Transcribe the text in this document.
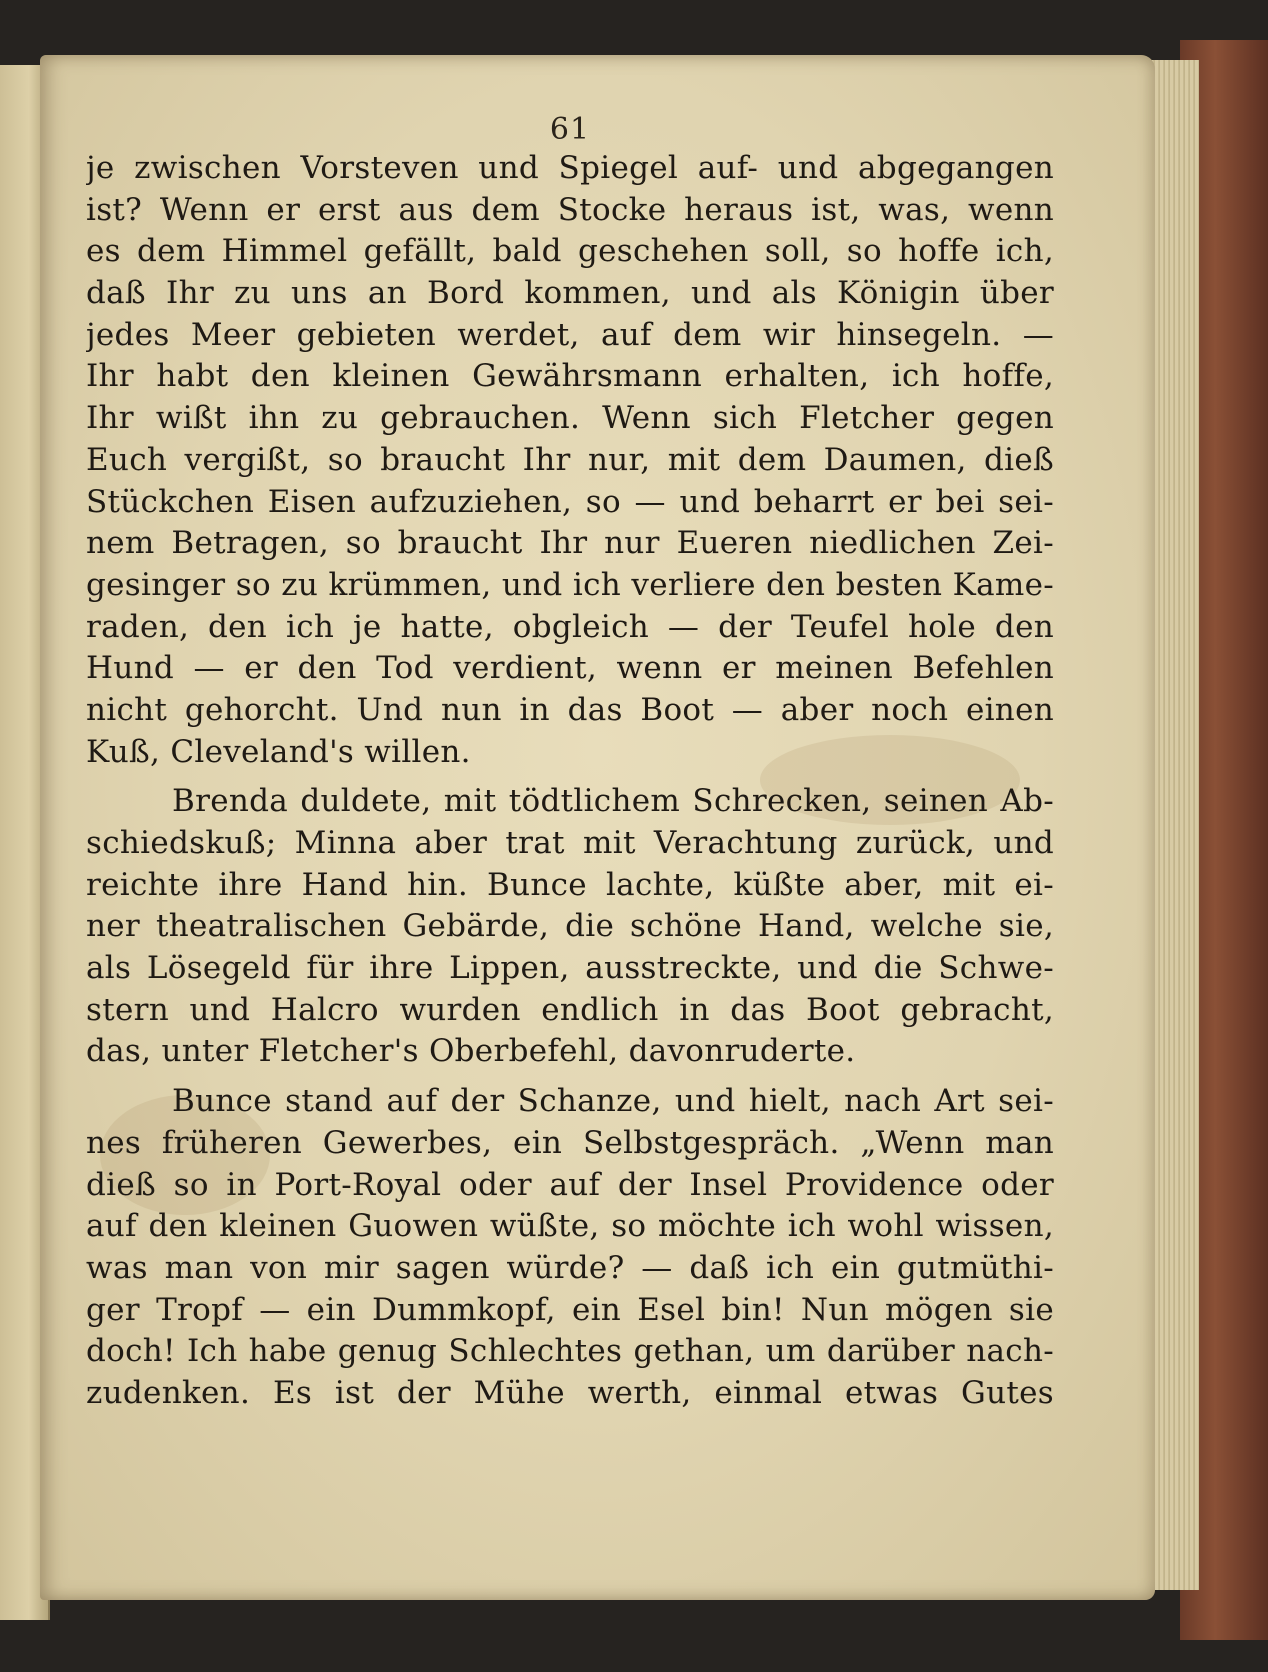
61
je zwischen Vorsteven und Spiegel auf- und abgegangen
ist? Wenn er erst aus dem Stocke heraus ist, was, wenn
es dem Himmel gefällt, bald geschehen soll, so hoffe ich,
daß Ihr zu uns an Bord kommen, und als Königin über
jedes Meer gebieten werdet, auf dem wir hinsegeln. —
Ihr habt den kleinen Gewährsmann erhalten, ich hoffe,
Ihr wißt ihn zu gebrauchen. Wenn sich Fletcher gegen
Euch vergißt, so braucht Ihr nur, mit dem Daumen, dieß
Stückchen Eisen aufzuziehen, so — und beharrt er bei sei-
nem Betragen, so braucht Ihr nur Eueren niedlichen Zei-
gesinger so zu krümmen, und ich verliere den besten Kame-
raden, den ich je hatte, obgleich — der Teufel hole den
Hund — er den Tod verdient, wenn er meinen Befehlen
nicht gehorcht. Und nun in das Boot — aber noch einen
Kuß, Cleveland's willen.
Brenda duldete, mit tödtlichem Schrecken, seinen Ab-
schiedskuß; Minna aber trat mit Verachtung zurück, und
reichte ihre Hand hin. Bunce lachte, küßte aber, mit ei-
ner theatralischen Gebärde, die schöne Hand, welche sie,
als Lösegeld für ihre Lippen, ausstreckte, und die Schwe-
stern und Halcro wurden endlich in das Boot gebracht,
das, unter Fletcher's Oberbefehl, davonruderte.
Bunce stand auf der Schanze, und hielt, nach Art sei-
nes früheren Gewerbes, ein Selbstgespräch. „Wenn man
dieß so in Port-Royal oder auf der Insel Providence oder
auf den kleinen Guowen wüßte, so möchte ich wohl wissen,
was man von mir sagen würde? — daß ich ein gutmüthi-
ger Tropf — ein Dummkopf, ein Esel bin! Nun mögen sie
doch! Ich habe genug Schlechtes gethan, um darüber nach-
zudenken. Es ist der Mühe werth, einmal etwas Gutes
